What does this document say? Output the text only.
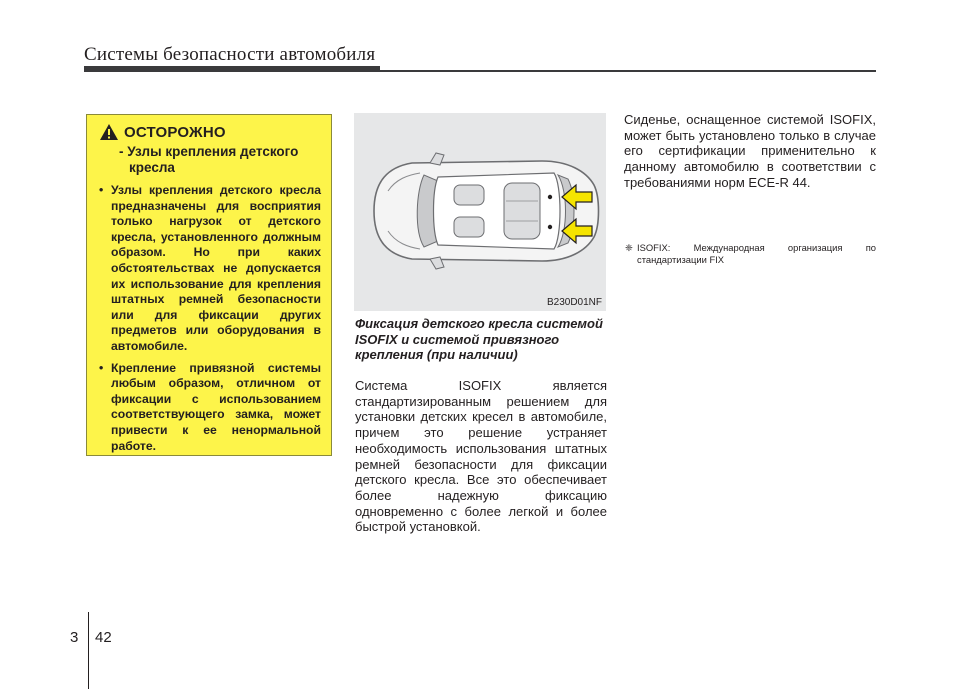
Системы безопасности автомобиля
ОСТОРОЖНО
- Узлы крепления детского кресла
• Узлы крепления детского кресла предназначены для восприятия только нагрузок от детского кресла, установленного должным образом. Но при каких обстоятельствах не допускается их использование для крепления штатных ремней безопасности или для фиксации других предметов или оборудования в автомобиле.
• Крепление привязной системы любым образом, отличном от фиксации с использованием соответствующего замка, может привести к ее ненормальной работе.
B230D01NF
Фиксация детского кресла системой ISOFIX и системой привязного крепления (при наличии)
Система ISOFIX является стандартизированным решением для установки детских кресел в автомобиле, причем это решение устраняет необходимость использования штатных ремней безопасности для фиксации детского кресла. Все это обеспечивает более надежную фиксацию одновременно с более легкой и более быстрой установкой.
Сиденье, оснащенное системой ISOFIX, может быть установлено только в случае его сертификации применительно к данному автомобилю в соответствии с требованиями норм ECE-R 44.
❈ ISOFIX: Международная организация по стандартизации FIX
3 42
